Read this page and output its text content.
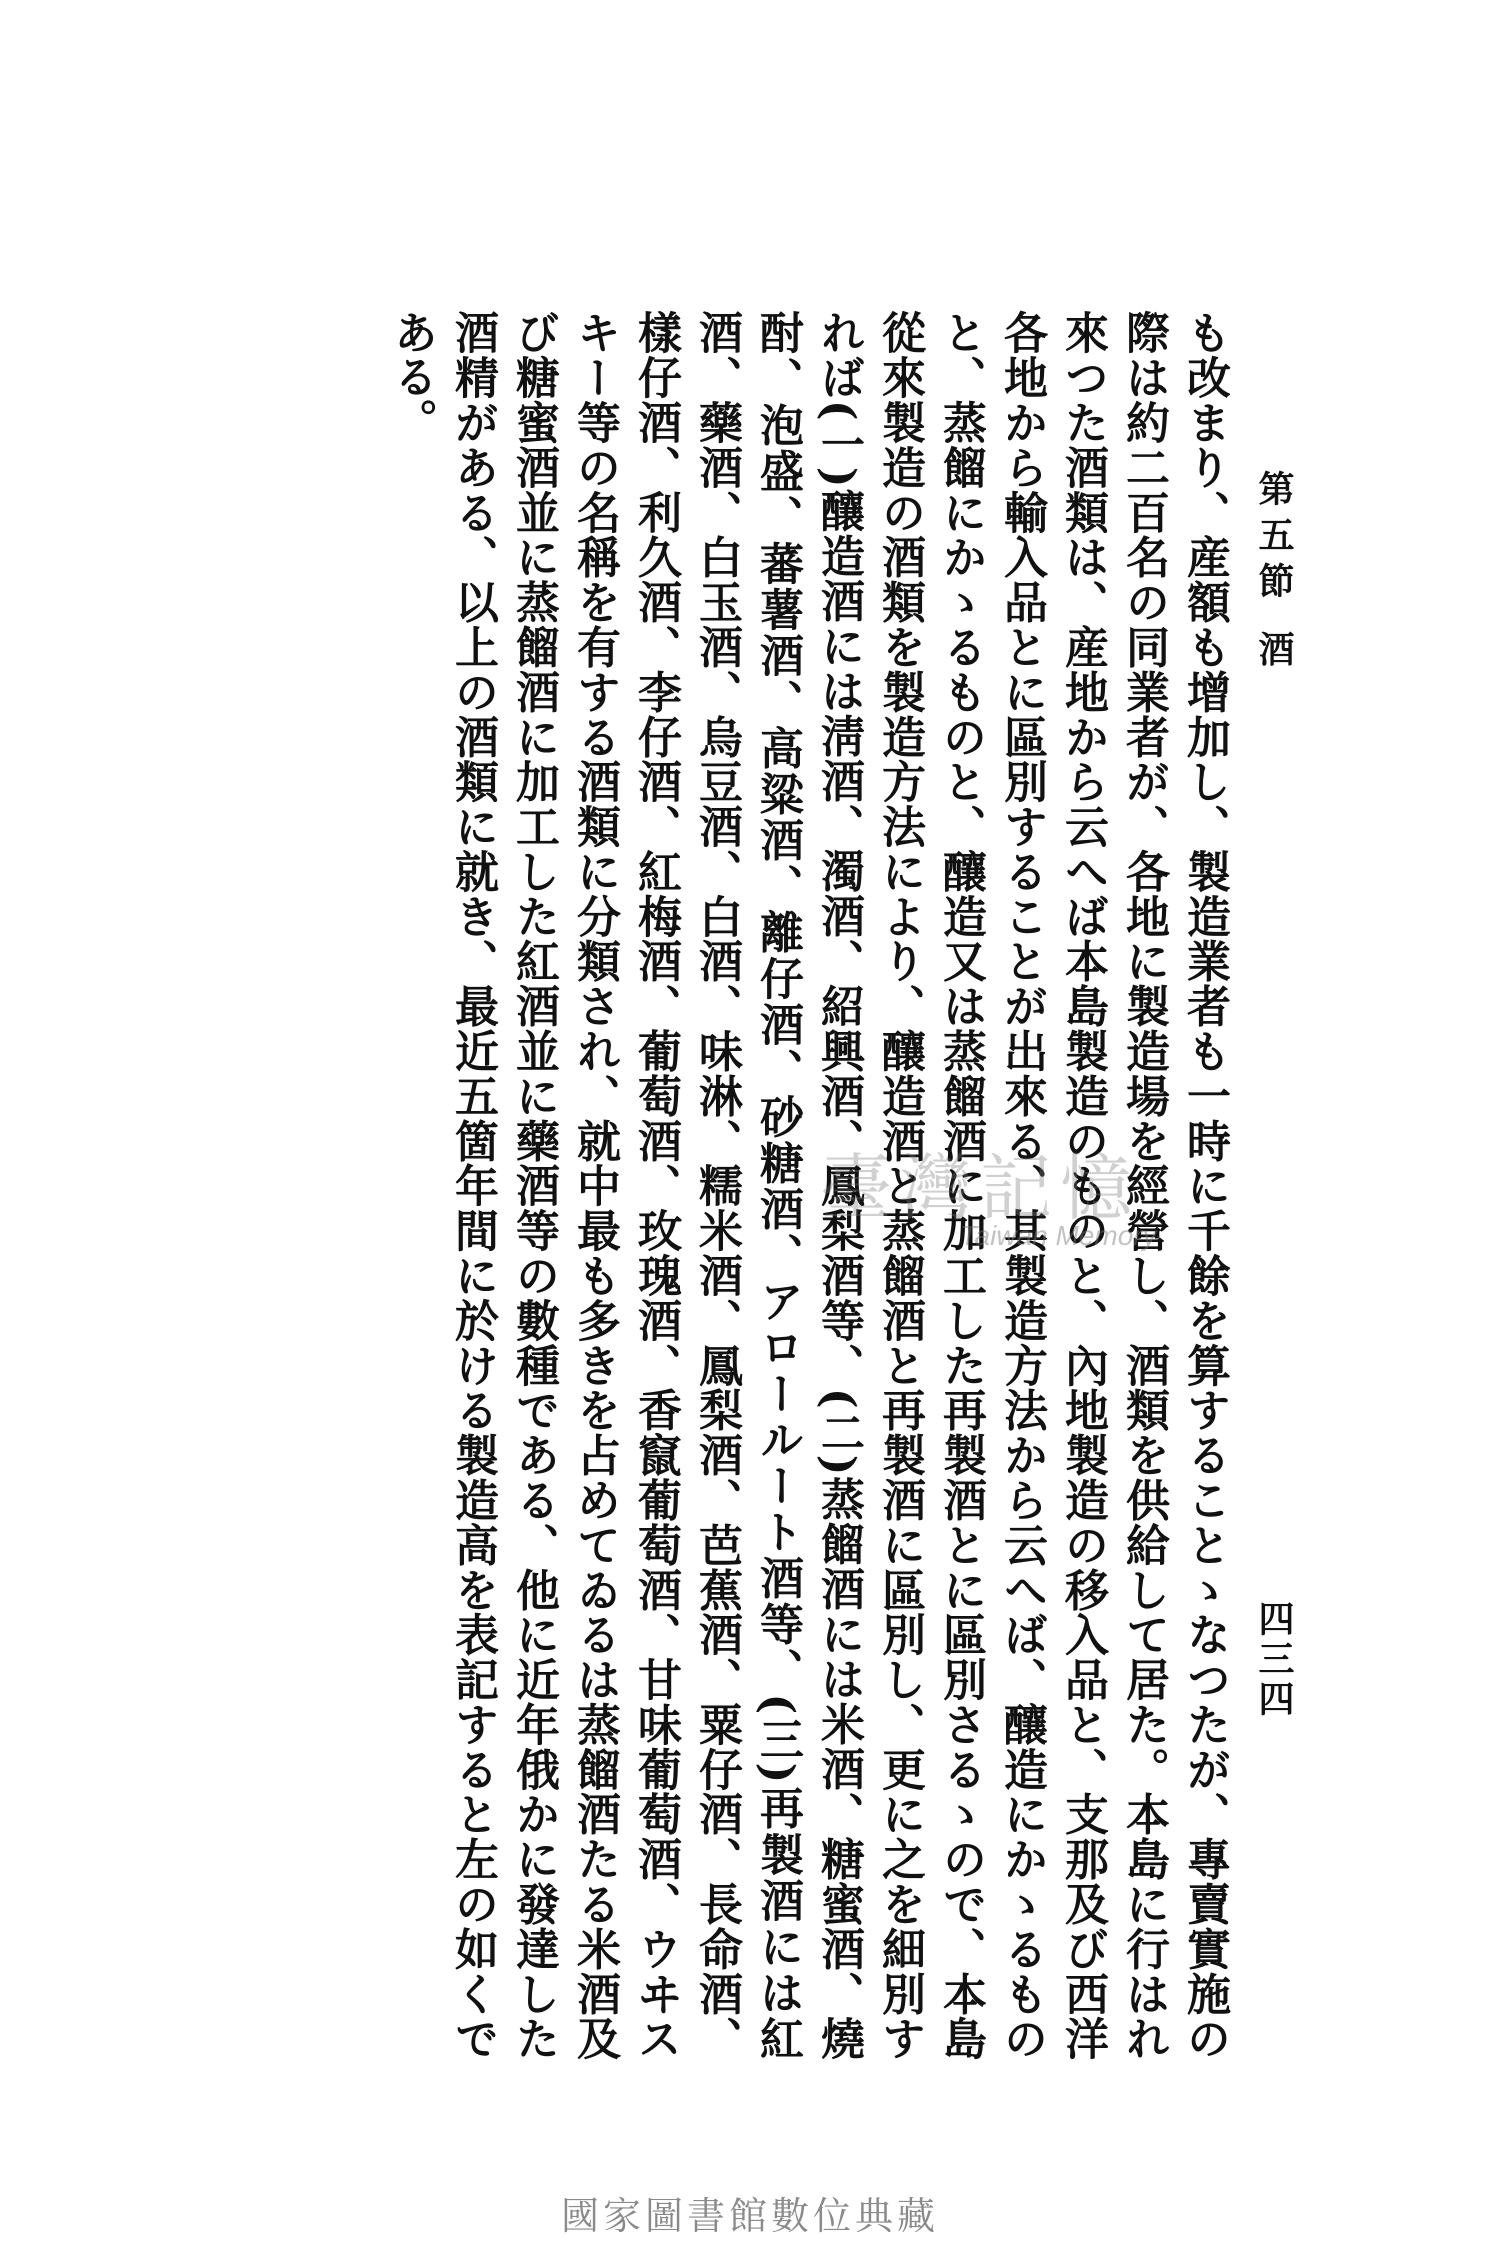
第五節 酒
四三四
も改まり、産額も增加し、製造業者も一時に千餘を算することゝなつたが、專賣實施の際は約二百名の同業者が、各地に製造場を經營し、酒類を供給して居た。本島に行はれ來つた酒類は、産地から云へば本島製造のものと、內地製造の移入品と、支那及び西洋各地から輸入品とに區別することが出來る、其製造方法から云へば、釀造にかゝるものと、蒸餾にかゝるものと、釀造又は蒸餾酒に加工した再製酒とに區別さるゝので、本島從來製造の酒類を製造方法により、釀造酒と蒸餾酒と再製酒に區別し、更に之を細別すれば(一)釀造酒には淸酒、濁酒、紹興酒、鳳梨酒等、(二)蒸餾酒には米酒、糖蜜酒、燒酎、泡盛、蕃薯酒、高粱酒、離仔酒、砂糖酒、アロールート酒等、(三)再製酒には紅酒、藥酒、白玉酒、烏豆酒、白酒、味淋、糯米酒、鳳梨酒、芭蕉酒、粟仔酒、長命酒、樣仔酒、利久酒、李仔酒、紅梅酒、葡萄酒、玫瑰酒、香竄葡萄酒、甘味葡萄酒、ウヰスキー等の名稱を有する酒類に分類され、就中最も多きを占めてゐるは蒸餾酒たる米酒及び糖蜜酒並に蒸餾酒に加工した紅酒並に藥酒等の數種である、他に近年俄かに發達した酒精がある、以上の酒類に就き、最近五箇年間に於ける製造高を表記すると左の如くである。
臺灣記憶
Taiwan Memory
國家圖書館數位典藏
